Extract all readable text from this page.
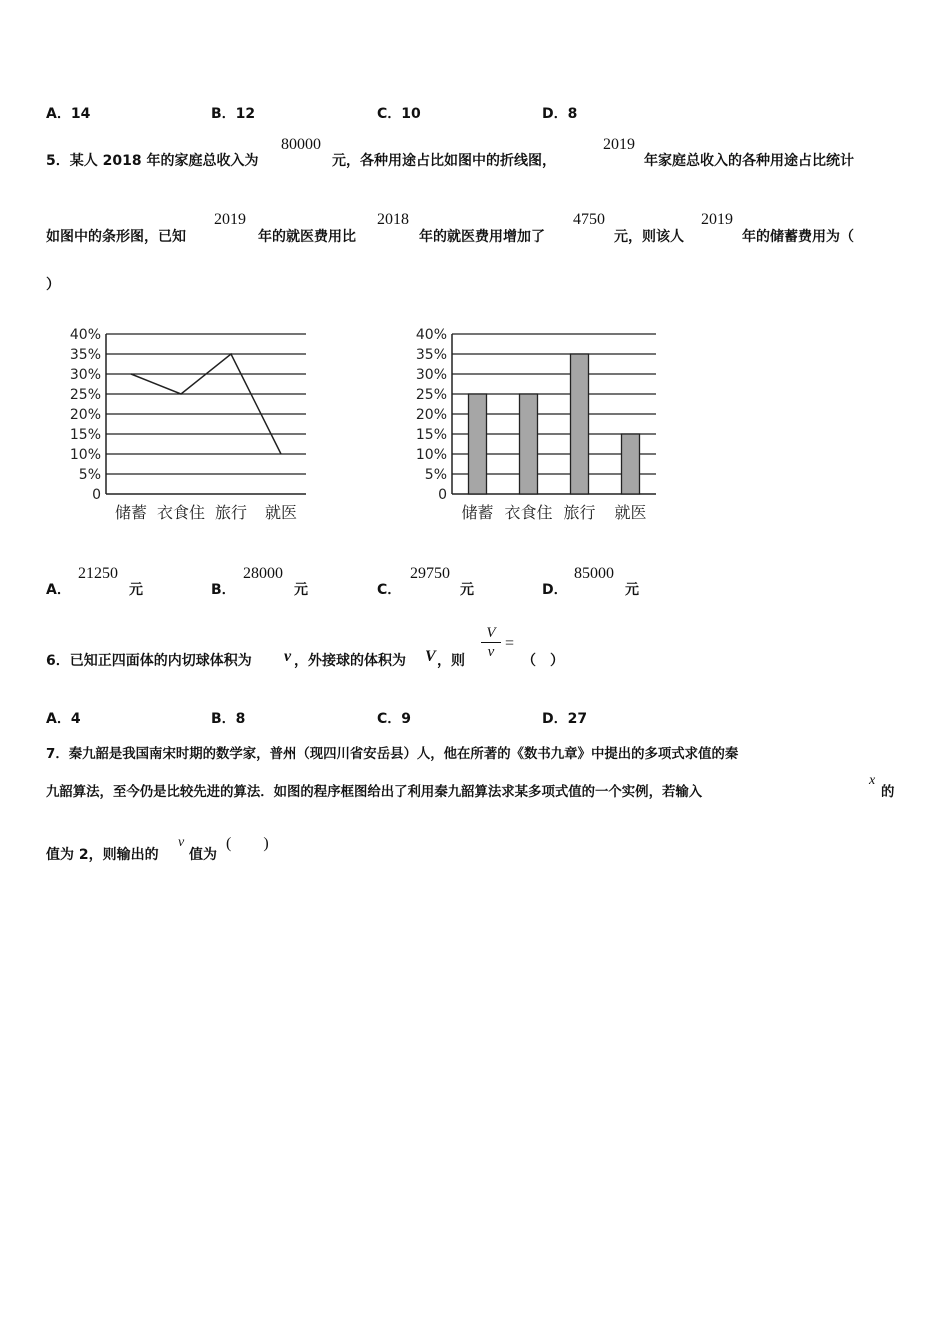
A．14	B．12	C．10	D．8
5．某人 2018 年的家庭总收入为
80000
元，各种用途占比如图中的折线图，
2019
年家庭总收入的各种用途占比统计
如图中的条形图，已知
2019
年的就医费用比
2018
年的就医费用增加了
4750
元，则该人
2019
年的储蓄费用为（
）
0
5%
10%
15%
20%
25%
30%
35%
40%
储蓄 衣食住 旅行 就医
0
5%
10%
15%
20%
25%
30%
35%
40%
储蓄 衣食住 旅行 就医
A．
21250
元	B．
28000
元	C．
29750
元	D．
85000
元
6．已知正四面体的内切球体积为 v ，外接球的体积为 V ，则
V
v =
（　）
A．4	B．8	C．9	D．27
7．秦九韶是我国南宋时期的数学家，普州（现四川省安岳县）人，他在所著的《数书九章》中提出的多项式求值的秦
九韶算法，至今仍是比较先进的算法．如图的程序框图给出了利用秦九韶算法求某多项式值的一个实例，若输入
x
的
值为 2，则输出的
v
值为
(　　)
